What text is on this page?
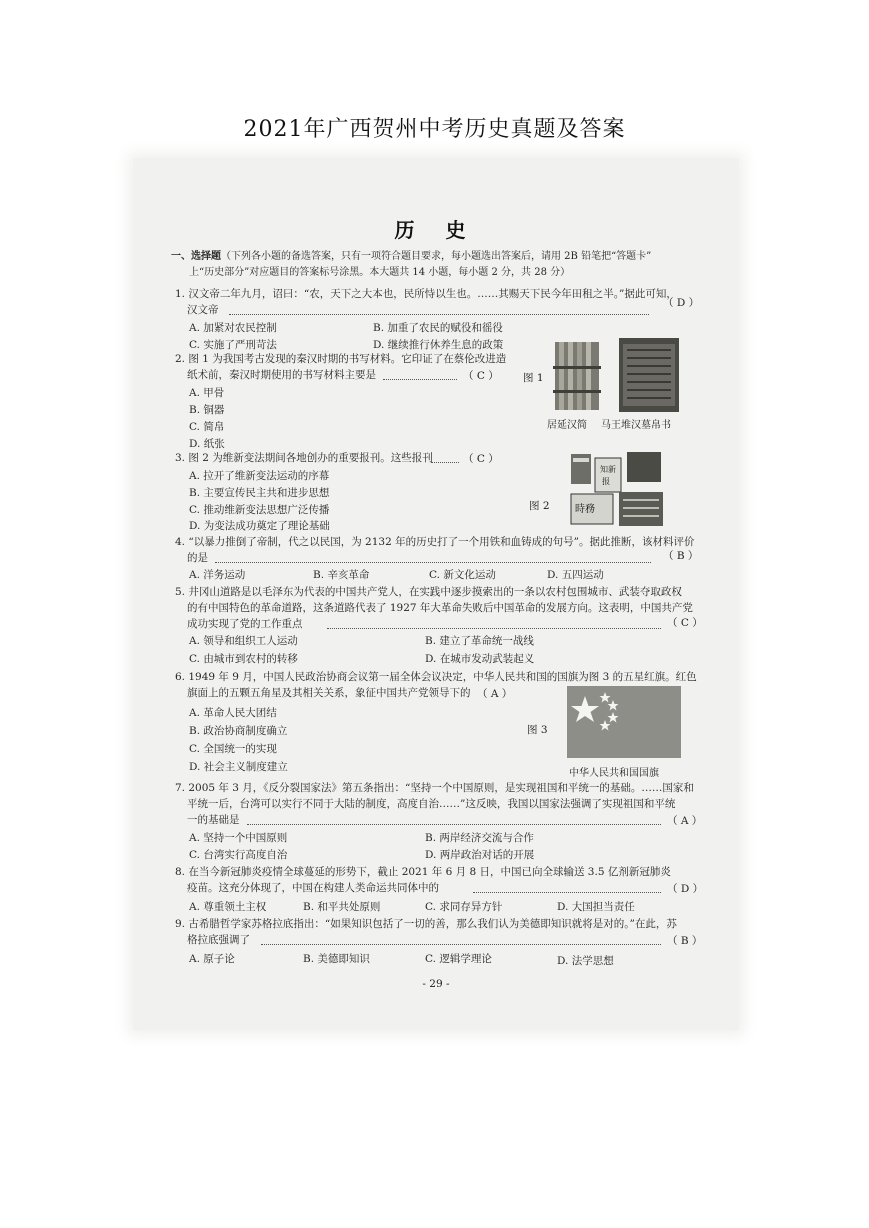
2021年广西贺州中考历史真题及答案
历 史
一、选择题（下列各小题的备选答案，只有一项符合题目要求，每小题选出答案后，请用 2B 铅笔把“答题卡”
上“历史部分”对应题目的答案标号涂黑。本大题共 14 小题，每小题 2 分，共 28 分）
1. 汉文帝二年九月，诏曰：“农，天下之大本也，民所恃以生也。……其赐天下民今年田租之半。”据此可知，
汉文帝
（ D ）
A. 加紧对农民控制	B. 加重了农民的赋役和徭役
C. 实施了严刑苛法	D. 继续推行休养生息的政策
2. 图 1 为我国考古发现的秦汉时期的书写材料。它印证了在蔡伦改进造
纸术前，秦汉时期使用的书写材料主要是	（ C ）
A. 甲骨
B. 铜器
C. 简帛
D. 纸张
图 1
居延汉简 马王堆汉墓帛书
3. 图 2 为维新变法期间各地创办的重要报刊。这些报刊	（ C ）
A. 拉开了维新变法运动的序幕
B. 主要宣传民主共和进步思想
C. 推动维新变法思想广泛传播
D. 为变法成功奠定了理论基础
图 2
知新
报
時務
4. “以暴力推倒了帝制，代之以民国，为 2132 年的历史打了一个用铁和血铸成的句号”。据此推断，该材料评价
的是	（ B ）
A. 洋务运动	B. 辛亥革命	C. 新文化运动	D. 五四运动
5. 井冈山道路是以毛泽东为代表的中国共产党人，在实践中逐步摸索出的一条以农村包围城市、武装夺取政权
的有中国特色的革命道路，这条道路代表了 1927 年大革命失败后中国革命的发展方向。这表明，中国共产党
成功实现了党的工作重点	（ C ）
A. 领导和组织工人运动	B. 建立了革命统一战线
C. 由城市到农村的转移	D. 在城市发动武装起义
6. 1949 年 9 月，中国人民政治协商会议第一届全体会议决定，中华人民共和国的国旗为图 3 的五星红旗。红色
旗面上的五颗五角星及其相关关系，象征中国共产党领导下的 （ A ）
A. 革命人民大团结
B. 政治协商制度确立
C. 全国统一的实现
D. 社会主义制度建立
图 3
中华人民共和国国旗
7. 2005 年 3 月，《反分裂国家法》第五条指出：“坚持一个中国原则，是实现祖国和平统一的基础。……国家和
平统一后，台湾可以实行不同于大陆的制度，高度自治……”这反映，我国以国家法强调了实现祖国和平统
一的基础是	（ A ）
A. 坚持一个中国原则	B. 两岸经济交流与合作
C. 台湾实行高度自治	D. 两岸政治对话的开展
8. 在当今新冠肺炎疫情全球蔓延的形势下，截止 2021 年 6 月 8 日，中国已向全球输送 3.5 亿剂新冠肺炎
疫苗。这充分体现了，中国在构建人类命运共同体中的	（ D ）
A. 尊重领土主权	B. 和平共处原则	C. 求同存异方针	D. 大国担当责任
9. 古希腊哲学家苏格拉底指出：“如果知识包括了一切的善，那么我们认为美德即知识就将是对的。”在此，苏
格拉底强调了	（ B ）
A. 原子论	B. 美德即知识	C. 逻辑学理论	D. 法学思想
- 29 -
